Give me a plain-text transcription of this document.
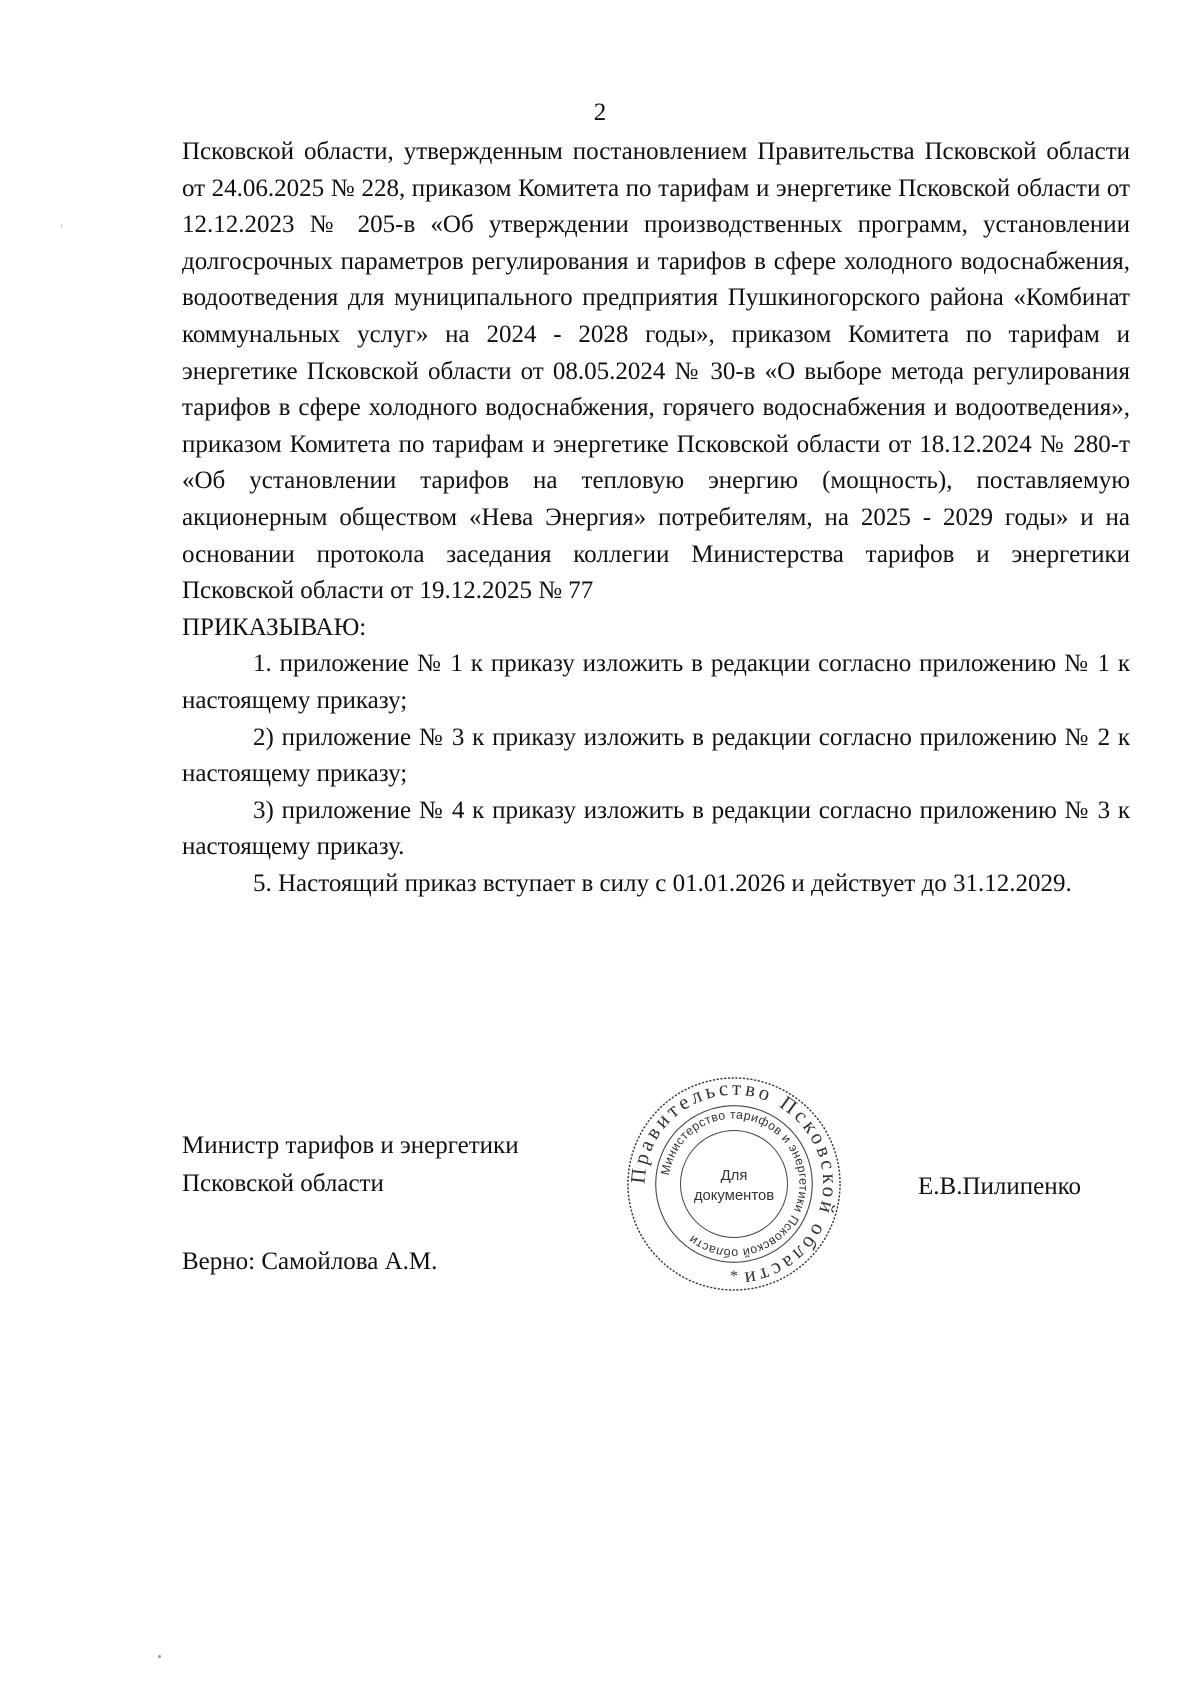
2

Псковской области, утвержденным постановлением Правительства Псковской области от 24.06.2025 № 228, приказом Комитета по тарифам и энергетике Псковской области от 12.12.2023 № 205-в «Об утверждении производственных программ, установлении долгосрочных параметров регулирования и тарифов в сфере холодного водоснабжения, водоотведения для муниципального предприятия Пушкиногорского района «Комбинат коммунальных услуг» на 2024 - 2028 годы», приказом Комитета по тарифам и энергетике Псковской области от 08.05.2024 № 30-в «О выборе метода регулирования тарифов в сфере холодного водоснабжения, горячего водоснабжения и водоотведения», приказом Комитета по тарифам и энергетике Псковской области от 18.12.2024 № 280-т «Об установлении тарифов на тепловую энергию (мощность), поставляемую акционерным обществом «Нева Энергия» потребителям, на 2025 - 2029 годы» и на основании протокола заседания коллегии Министерства тарифов и энергетики Псковской области от 19.12.2025 № 77

ПРИКАЗЫВАЮ:

1. приложение № 1 к приказу изложить в редакции согласно приложению № 1 к настоящему приказу;

2) приложение № 3 к приказу изложить в редакции согласно приложению № 2 к настоящему приказу;

3) приложение № 4 к приказу изложить в редакции согласно приложению № 3 к настоящему приказу.

5. Настоящий приказ вступает в силу с 01.01.2026 и действует до 31.12.2029.

Министр тарифов и энергетики
Псковской области	Е.В.Пилипенко
Верно: Самойлова А.М.
Правительство Псковской области
Министерство тарифов и энергетики Псковской области
Для
документов
*
